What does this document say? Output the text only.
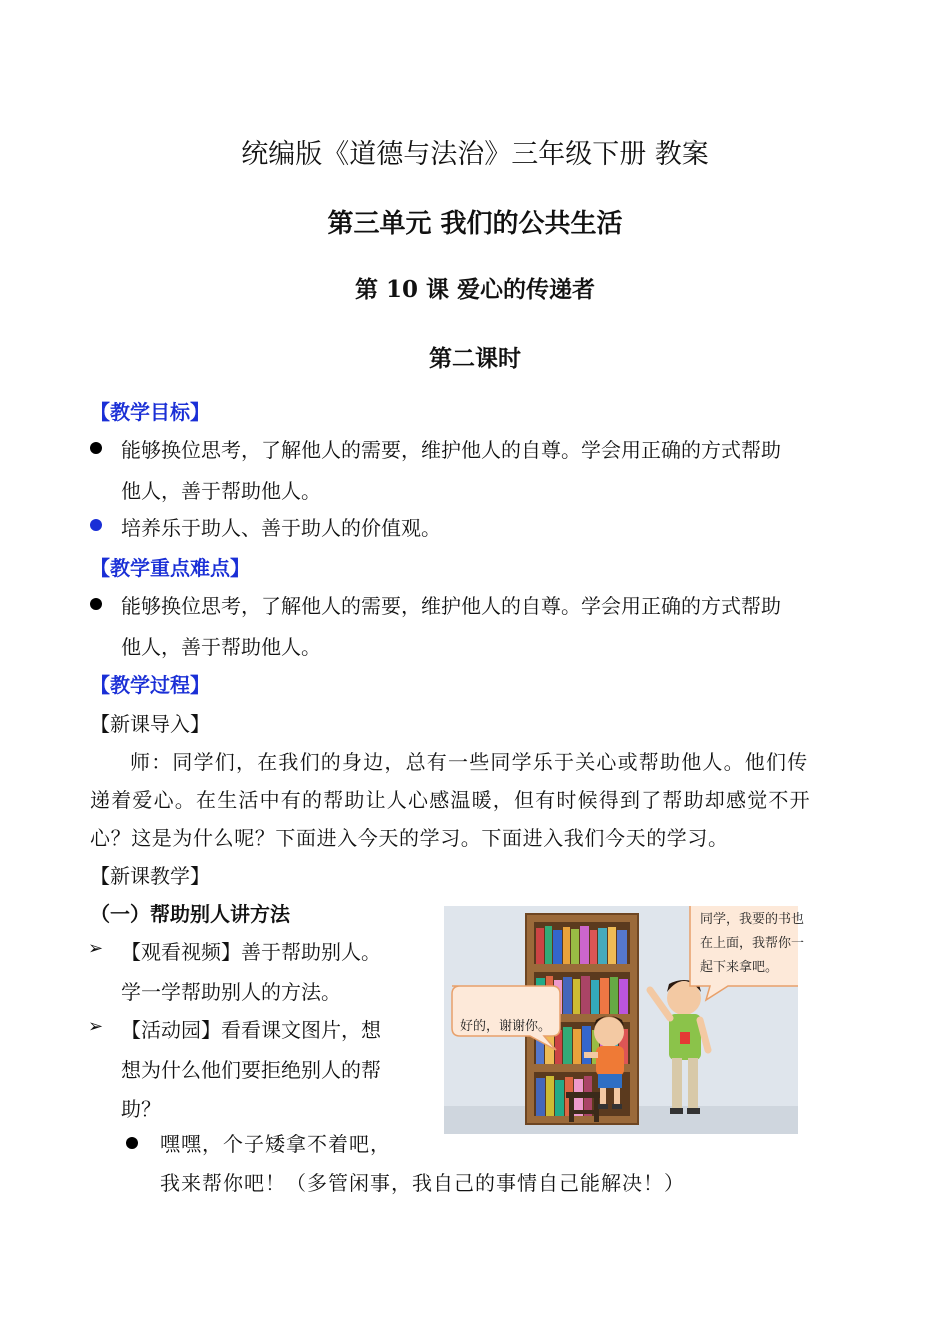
统编版《道德与法治》三年级下册 教案
第三单元 我们的公共生活
第 10 课 爱心的传递者
第二课时
【教学目标】
能够换位思考，了解他人的需要，维护他人的自尊。学会用正确的方式帮助
他人，善于帮助他人。
培养乐于助人、善于助人的价值观。
【教学重点难点】
能够换位思考，了解他人的需要，维护他人的自尊。学会用正确的方式帮助
他人，善于帮助他人。
【教学过程】
【新课导入】
师：同学们，在我们的身边，总有一些同学乐于关心或帮助他人。他们传
递着爱心。在生活中有的帮助让人心感温暖，但有时候得到了帮助却感觉不开
心？这是为什么呢？下面进入今天的学习。下面进入我们今天的学习。
【新课教学】
（一）帮助别人讲方法
➢ 【观看视频】善于帮助别人。
学一学帮助别人的方法。
➢ 【活动园】看看课文图片，想
想为什么他们要拒绝别人的帮
助？
嘿嘿，个子矮拿不着吧，
我来帮你吧！（多管闲事，我自己的事情自己能解决！）
同学，我要的书也
在上面，我帮你一
起下来拿吧。
好的，谢谢你。
